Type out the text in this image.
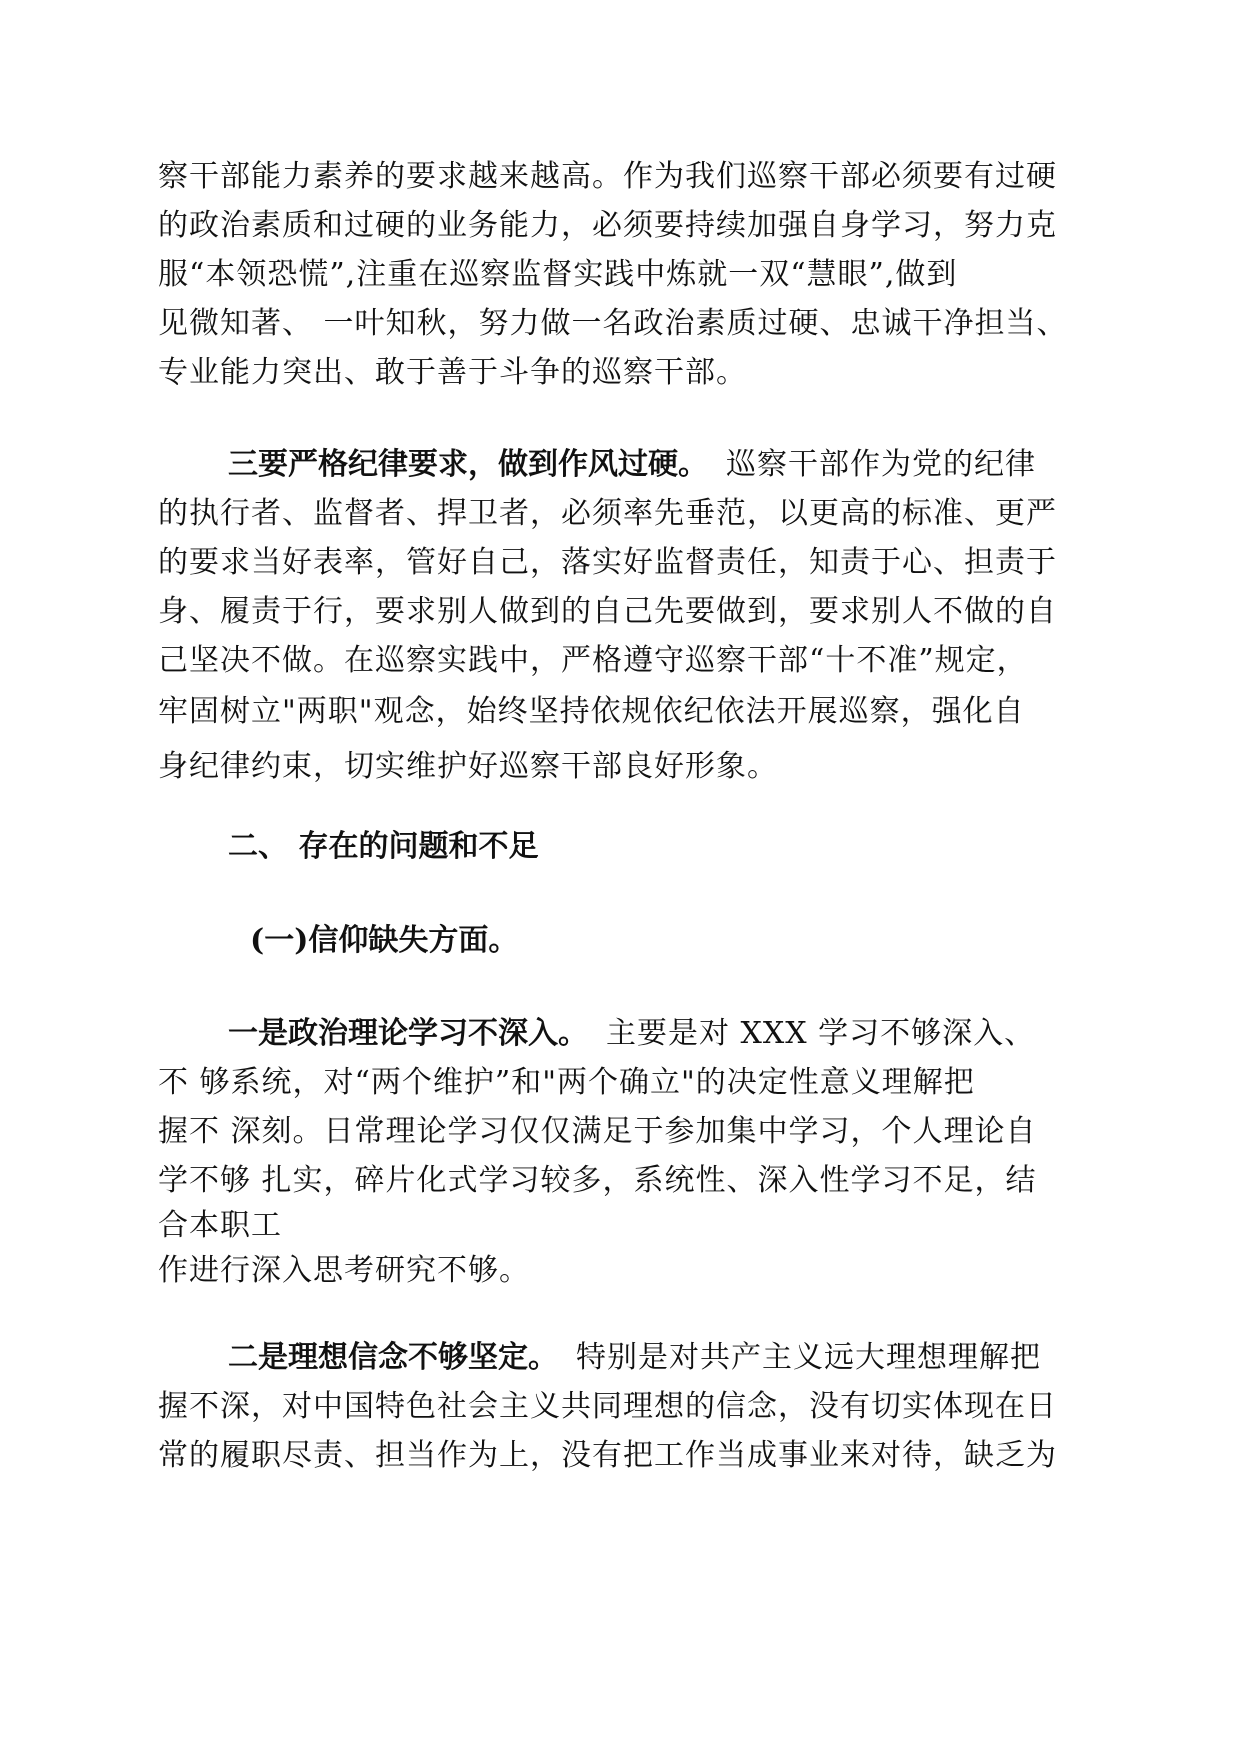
察干部能力素养的要求越来越高。作为我们巡察干部必须要有过硬
的政治素质和过硬的业务能力，必须要持续加强自身学习，努力克
服“本领恐慌”,注重在巡察监督实践中炼就一双“慧眼”,做到
见微知著、 一叶知秋，努力做一名政治素质过硬、忠诚干净担当、
专业能力突出、敢于善于斗争的巡察干部。
三要严格纪律要求，做到作风过硬。 巡察干部作为党的纪律
的执行者、监督者、捍卫者，必须率先垂范，以更高的标准、更严
的要求当好表率，管好自己，落实好监督责任，知责于心、担责于
身、履责于行，要求别人做到的自己先要做到，要求别人不做的自
己坚决不做。在巡察实践中，严格遵守巡察干部“十不准”规定，
牢固树立"两职"观念，始终坚持依规依纪依法开展巡察，强化自
身纪律约束，切实维护好巡察干部良好形象。
二、 存在的问题和不足
(一)信仰缺失方面。
一是政治理论学习不深入。 主要是对 XXX 学习不够深入、
不 够系统，对“两个维护”和"两个确立"的决定性意义理解把
握不 深刻。日常理论学习仅仅满足于参加集中学习，个人理论自
学不够 扎实，碎片化式学习较多，系统性、深入性学习不足，结
合本职工
作进行深入思考研究不够。
二是理想信念不够坚定。 特别是对共产主义远大理想理解把
握不深，对中国特色社会主义共同理想的信念，没有切实体现在日
常的履职尽责、担当作为上，没有把工作当成事业来对待，缺乏为
